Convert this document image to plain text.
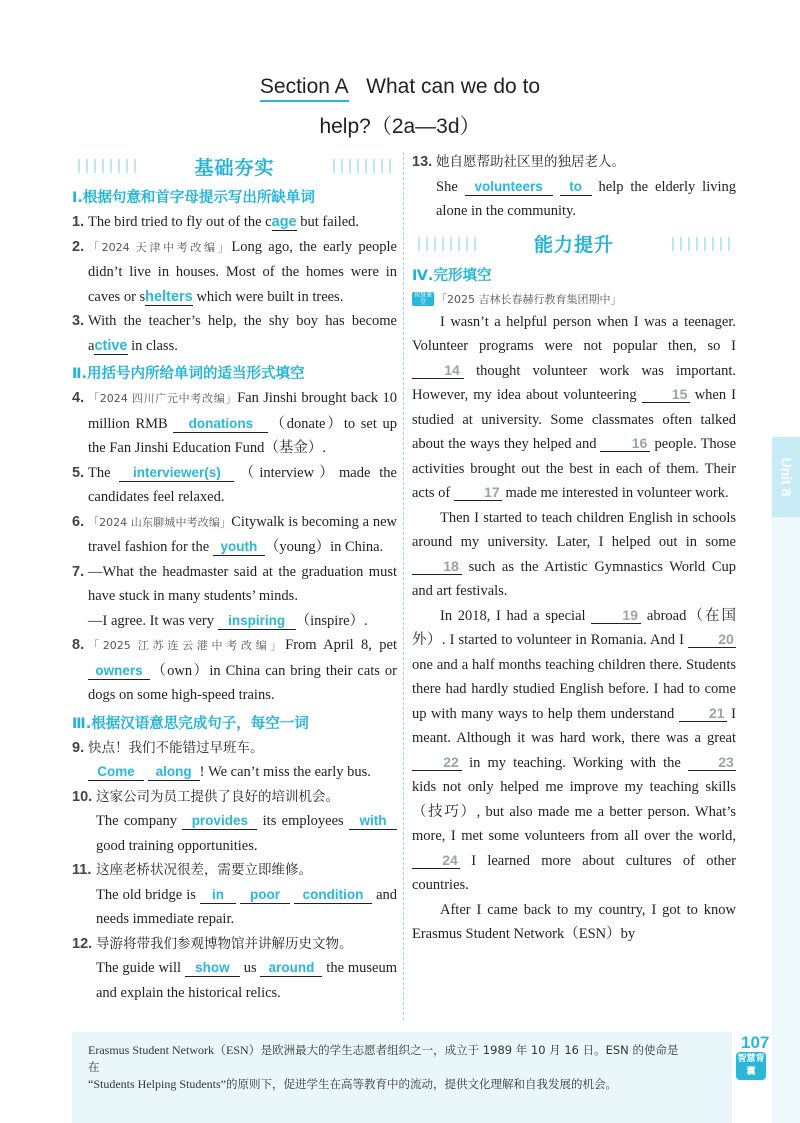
Section A What can we do to
help?（2a—3d）
基础夯实
Ⅰ.根据句意和首字母提示写出所缺单词
1. The bird tried to fly out of the cage but failed.
2. 「2024 天津中考改编」Long ago, the early people didn’t live in houses. Most of the homes were in caves or shelters which were built in trees.
3. With the teacher’s help, the shy boy has become active in class.
Ⅱ.用括号内所给单词的适当形式填空
4. 「2024 四川广元中考改编」Fan Jinshi brought back 10 million RMB donations （donate）to set up the Fan Jinshi Education Fund（基金）.
5. The interviewer(s) （interview）made the candidates feel relaxed.
6. 「2024 山东聊城中考改编」Citywalk is becoming a new travel fashion for the youth （young）in China.
7. —What the headmaster said at the graduation must have stuck in many students’ minds.
—I agree. It was very inspiring （inspire）.
8. 「2025 江苏连云港中考改编」From April 8, pet owners （own）in China can bring their cats or dogs on some high-speed trains.
Ⅲ.根据汉语意思完成句子，每空一词
9. 快点！我们不能错过早班车。
Come along ! We can’t miss the early bus.
10. 这家公司为员工提供了良好的培训机会。
The company provides its employees with good training opportunities.
11. 这座老桥状况很差，需要立即维修。
The old bridge is in poor condition and needs immediate repair.
12. 导游将带我们参观博物馆并讲解历史文物。
The guide will show us around the museum and explain the historical relics.
13. 她自愿帮助社区里的独居老人。
She volunteers to help the elderly living alone in the community.
能力提升
Ⅳ.完形填空
智慧课堂 「2025 吉林长春赫行教育集团期中」
I wasn’t a helpful person when I was a teenager. Volunteer programs were not popular then, so I 14 thought volunteer work was important. However, my idea about volunteering 15 when I studied at university. Some classmates often talked about the ways they helped and 16 people. Those activities brought out the best in each of them. Their acts of 17 made me interested in volunteer work.
Then I started to teach children English in schools around my university. Later, I helped out in some 18 such as the Artistic Gymnastics World Cup and art festivals.
In 2018, I had a special 19 abroad（在国外）. I started to volunteer in Romania. And I 20 one and a half months teaching children there. Students there had hardly studied English before. I had to come up with many ways to help them understand 21 I meant. Although it was hard work, there was a great 22 in my teaching. Working with the 23 kids not only helped me improve my teaching skills（技巧）, but also made me a better person. What’s more, I met some volunteers from all over the world, 24 I learned more about cultures of other countries.
After I came back to my country, I got to know Erasmus Student Network（ESN）by
Unit 8
Erasmus Student Network（ESN）是欧洲最大的学生志愿者组织之一，成立于 1989 年 10 月 16 日。ESN 的使命是在
“Students Helping Students”的原则下，促进学生在高等教育中的流动，提供文化理解和自我发展的机会。
107
智慧背囊
